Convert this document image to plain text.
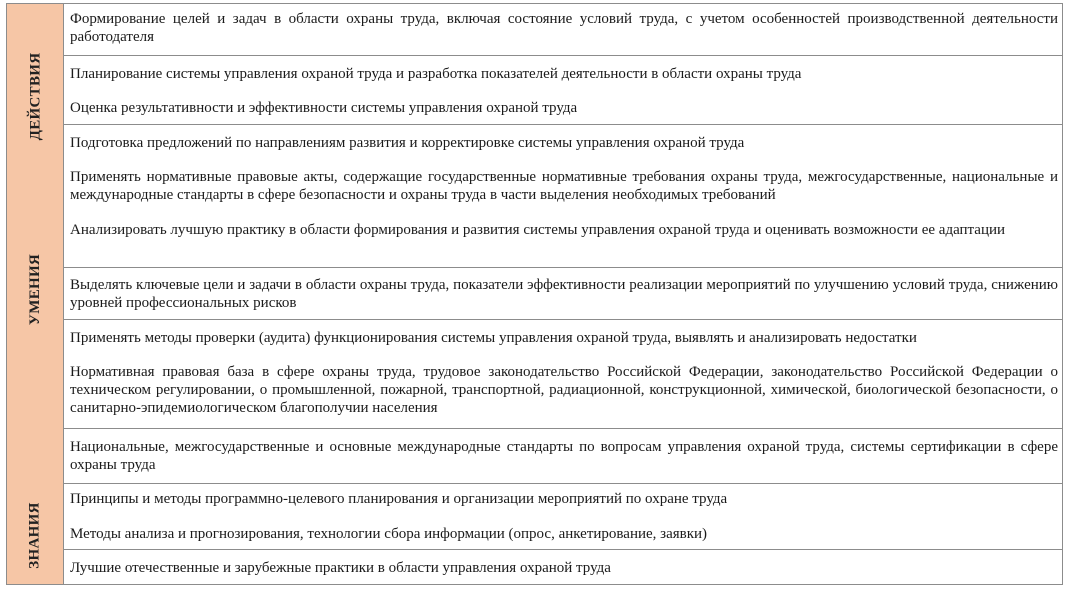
ДЕЙСТВИЯ
УМЕНИЯ
ЗНАНИЯ
Формирование целей и задач в области охраны труда, включая состояние условий труда, с учетом особенностей производственной деятельности работодателя
Планирование системы управления охраной труда и разработка показателей деятельности в области охраны труда
Оценка результативности и эффективности системы управления охраной труда
Подготовка предложений по направлениям развития и корректировке системы управления охраной труда
Применять нормативные правовые акты, содержащие государственные нормативные требования охраны труда, межгосударственные, национальные и международные стандарты в сфере безопасности и охраны труда в части выделения необходимых требований
Анализировать лучшую практику в области формирования и развития системы управления охраной труда и оценивать возможности ее адаптации
Выделять ключевые цели и задачи в области охраны труда, показатели эффективности реализации мероприятий по улучшению условий труда, снижению уровней профессиональных рисков
Применять методы проверки (аудита) функционирования системы управления охраной труда, выявлять и анализировать недостатки
Нормативная правовая база в сфере охраны труда, трудовое законодательство Российской Федерации, законодательство Российской Федерации о техническом регулировании, о промышленной, пожарной, транспортной, радиационной, конструкционной, химической, биологической безопасности, о санитарно-эпидемиологическом благополучии населения
Национальные, межгосударственные и основные международные стандарты по вопросам управления охраной труда, системы сертификации в сфере охраны труда
Принципы и методы программно-целевого планирования и организации мероприятий по охране труда
Методы анализа и прогнозирования, технологии сбора информации (опрос, анкетирование, заявки)
Лучшие отечественные и зарубежные практики в области управления охраной труда
